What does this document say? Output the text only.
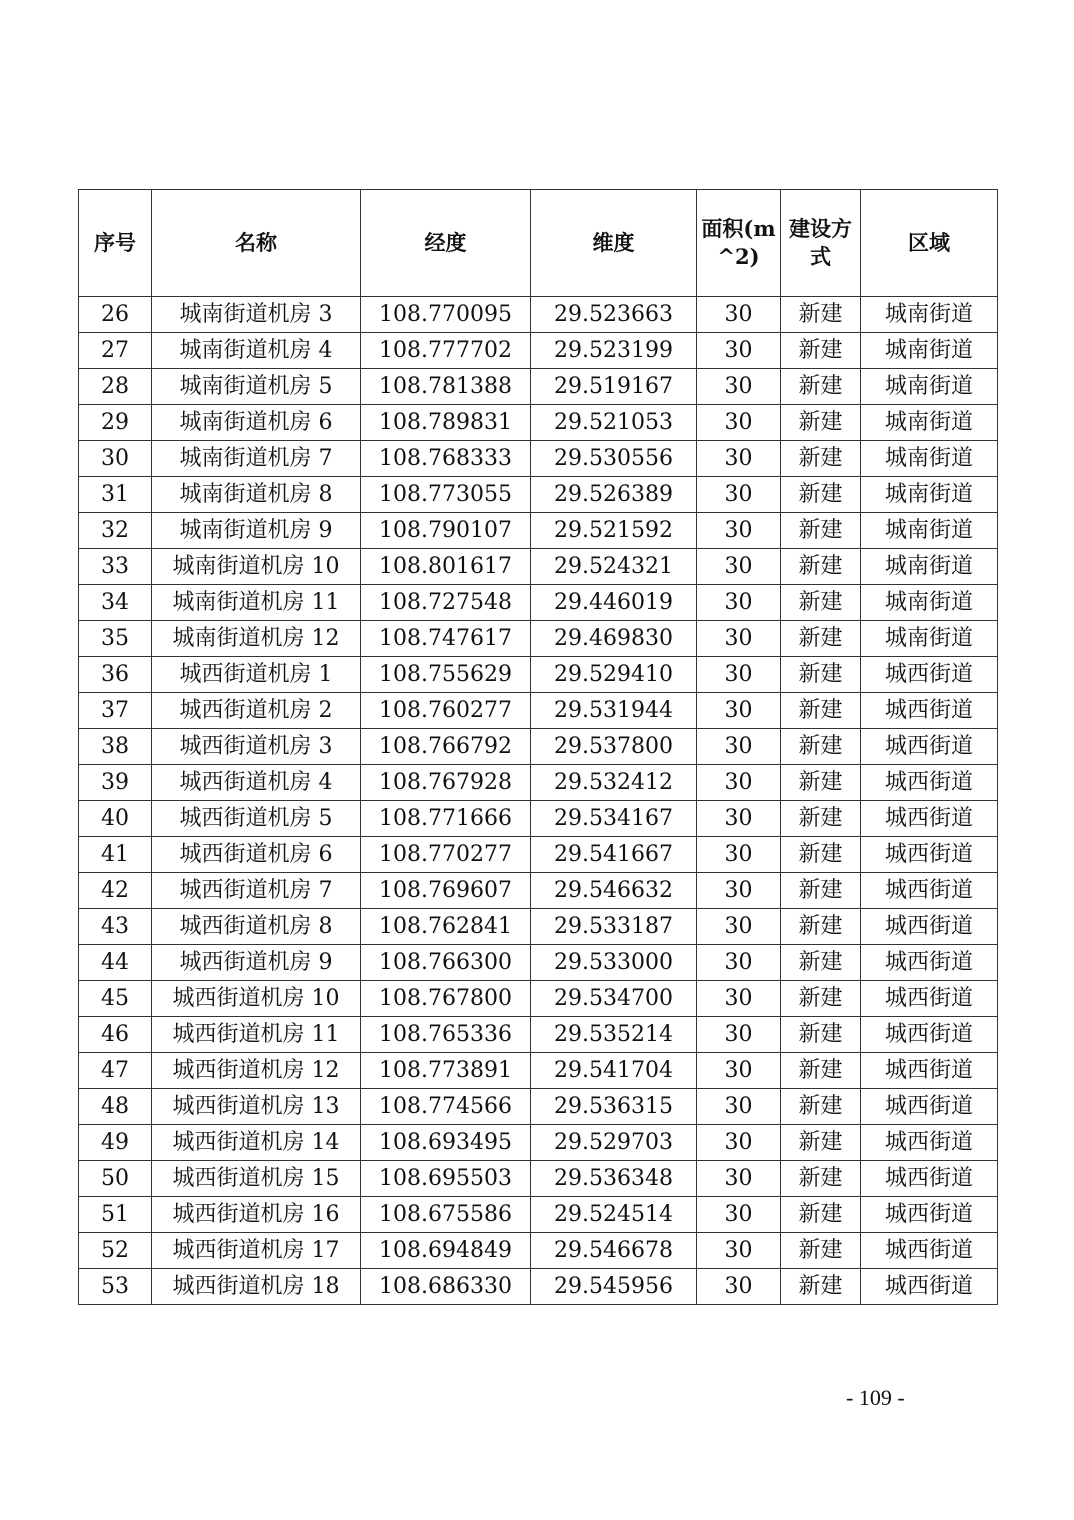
序号	名称	经度	维度	面积(m^2)	建设方式	区域
26	城南街道机房 3	108.770095	29.523663	30	新建	城南街道
27	城南街道机房 4	108.777702	29.523199	30	新建	城南街道
28	城南街道机房 5	108.781388	29.519167	30	新建	城南街道
29	城南街道机房 6	108.789831	29.521053	30	新建	城南街道
30	城南街道机房 7	108.768333	29.530556	30	新建	城南街道
31	城南街道机房 8	108.773055	29.526389	30	新建	城南街道
32	城南街道机房 9	108.790107	29.521592	30	新建	城南街道
33	城南街道机房 10	108.801617	29.524321	30	新建	城南街道
34	城南街道机房 11	108.727548	29.446019	30	新建	城南街道
35	城南街道机房 12	108.747617	29.469830	30	新建	城南街道
36	城西街道机房 1	108.755629	29.529410	30	新建	城西街道
37	城西街道机房 2	108.760277	29.531944	30	新建	城西街道
38	城西街道机房 3	108.766792	29.537800	30	新建	城西街道
39	城西街道机房 4	108.767928	29.532412	30	新建	城西街道
40	城西街道机房 5	108.771666	29.534167	30	新建	城西街道
41	城西街道机房 6	108.770277	29.541667	30	新建	城西街道
42	城西街道机房 7	108.769607	29.546632	30	新建	城西街道
43	城西街道机房 8	108.762841	29.533187	30	新建	城西街道
44	城西街道机房 9	108.766300	29.533000	30	新建	城西街道
45	城西街道机房 10	108.767800	29.534700	30	新建	城西街道
46	城西街道机房 11	108.765336	29.535214	30	新建	城西街道
47	城西街道机房 12	108.773891	29.541704	30	新建	城西街道
48	城西街道机房 13	108.774566	29.536315	30	新建	城西街道
49	城西街道机房 14	108.693495	29.529703	30	新建	城西街道
50	城西街道机房 15	108.695503	29.536348	30	新建	城西街道
51	城西街道机房 16	108.675586	29.524514	30	新建	城西街道
52	城西街道机房 17	108.694849	29.546678	30	新建	城西街道
53	城西街道机房 18	108.686330	29.545956	30	新建	城西街道
- 109 -
